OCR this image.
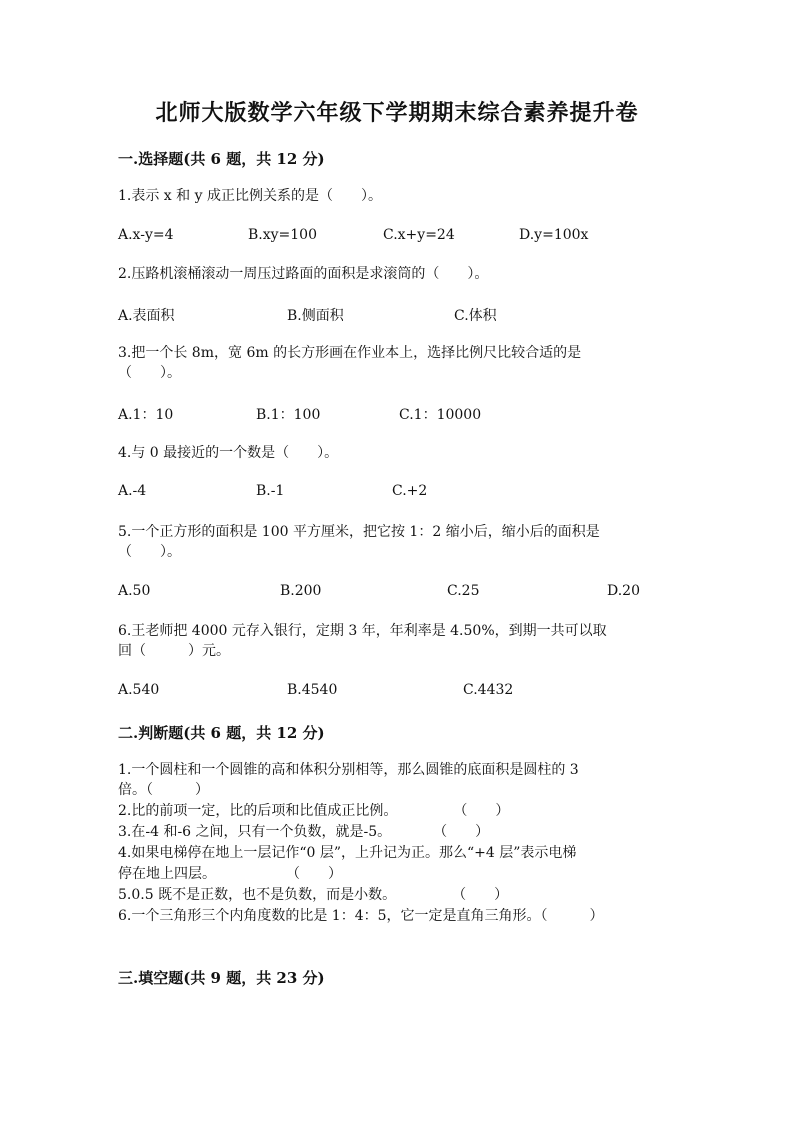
北师大版数学六年级下学期期末综合素养提升卷
一.选择题(共 6 题，共 12 分)
1.表示 x 和 y 成正比例关系的是（　　）。
A.x-y=4	B.xy=100	C.x+y=24	D.y=100x
2.压路机滚桶滚动一周压过路面的面积是求滚筒的（　　）。
A.表面积	B.侧面积	C.体积
3.把一个长 8m，宽 6m 的长方形画在作业本上，选择比例尺比较合适的是
（　　）。
A.1：10	B.1：100	C.1：10000
4.与 0 最接近的一个数是（　　）。
A.-4	B.-1	C.+2
5.一个正方形的面积是 100 平方厘米，把它按 1：2 缩小后，缩小后的面积是
（　　）。
A.50	B.200	C.25	D.20
6.王老师把 4000 元存入银行，定期 3 年，年利率是 4.50%，到期一共可以取
回（　　　）元。
A.540	B.4540	C.4432
二.判断题(共 6 题，共 12 分)
1.一个圆柱和一个圆锥的高和体积分别相等，那么圆锥的底面积是圆柱的 3
倍。（　　　）
2.比的前项一定，比的后项和比值成正比例。　　　　　（　　）
3.在-4 和-6 之间，只有一个负数，就是-5。　　　　（　　）
4.如果电梯停在地上一层记作“0 层”，上升记为正。那么“+4 层”表示电梯
停在地上四层。　　　　　　（　　）
5.0.5 既不是正数，也不是负数，而是小数。　　　　　（　　）
6.一个三角形三个内角度数的比是 1：4：5，它一定是直角三角形。（　　　）
三.填空题(共 9 题，共 23 分)
